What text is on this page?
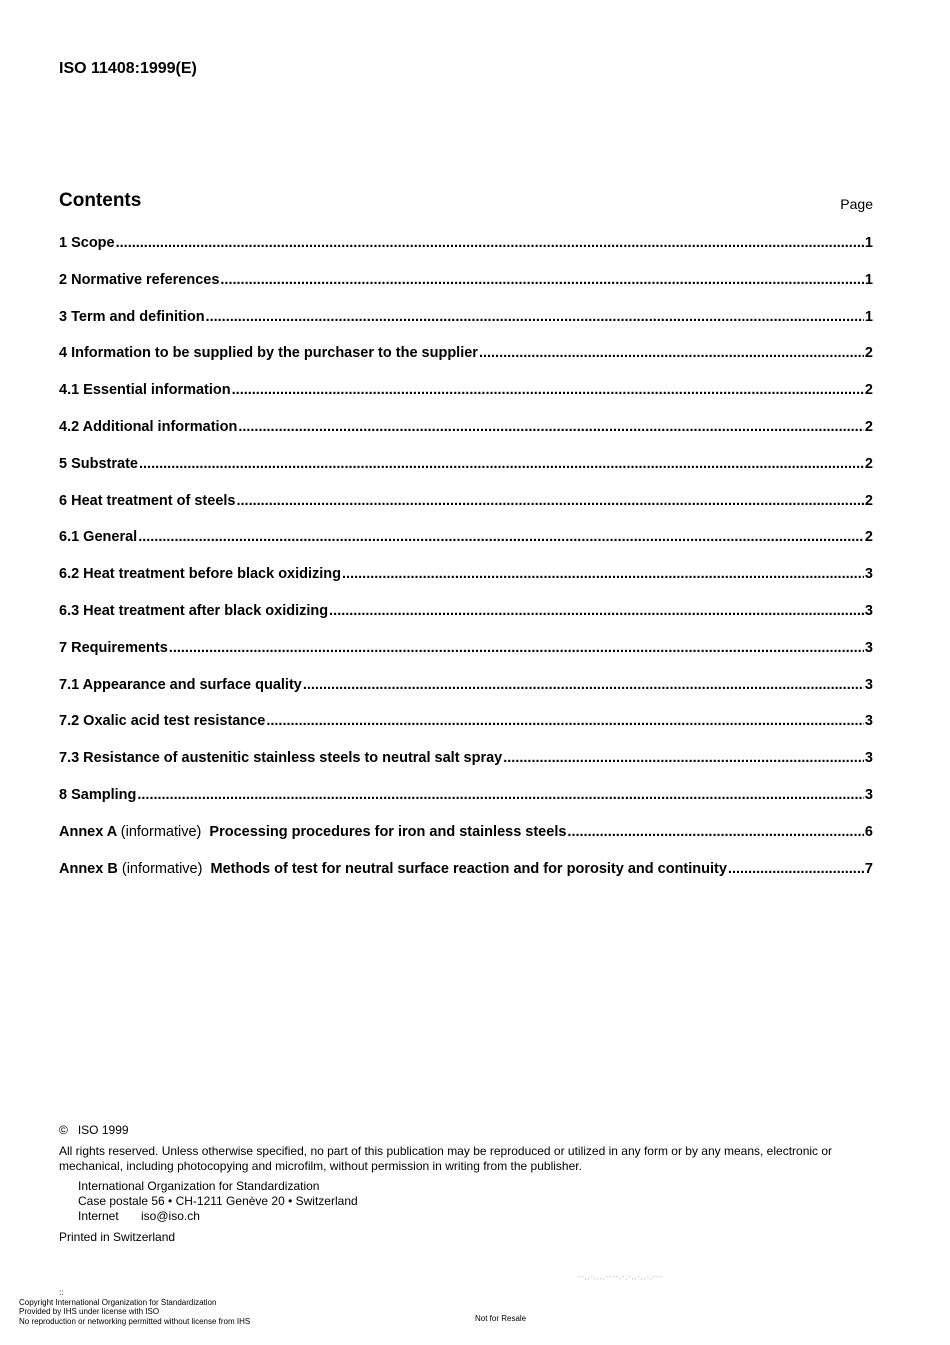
ISO 11408:1999(E)
Contents	Page
1 Scope .....	1
2 Normative references .....	1
3 Term and definition .....	1
4 Information to be supplied by the purchaser to the supplier .....	2
4.1 Essential information .....	2
4.2 Additional information .....	2
5 Substrate .....	2
6 Heat treatment of steels .....	2
6.1 General .....	2
6.2 Heat treatment before black oxidizing .....	3
6.3 Heat treatment after black oxidizing .....	3
7 Requirements .....	3
7.1 Appearance and surface quality .....	3
7.2 Oxalic acid test resistance .....	3
7.3 Resistance of austenitic stainless steels to neutral salt spray .....	3
8 Sampling .....	3
Annex A (informative) Processing procedures for iron and stainless steels .....	6
Annex B (informative) Methods of test for neutral surface reaction and for porosity and continuity .....	7
© ISO 1999

All rights reserved. Unless otherwise specified, no part of this publication may be reproduced or utilized in any form or by any means, electronic or mechanical, including photocopying and microfilm, without permission in writing from the publisher.

International Organization for Standardization
Case postale 56 • CH-1211 Genève 20 • Switzerland
Internet iso@iso.ch
Printed in Switzerland
--,,-,,,,----,-,-,,-,,-,---
::
Copyright International Organization for Standardization
Provided by IHS under license with ISO
No reproduction or networking permitted without license from IHS	Not for Resale
